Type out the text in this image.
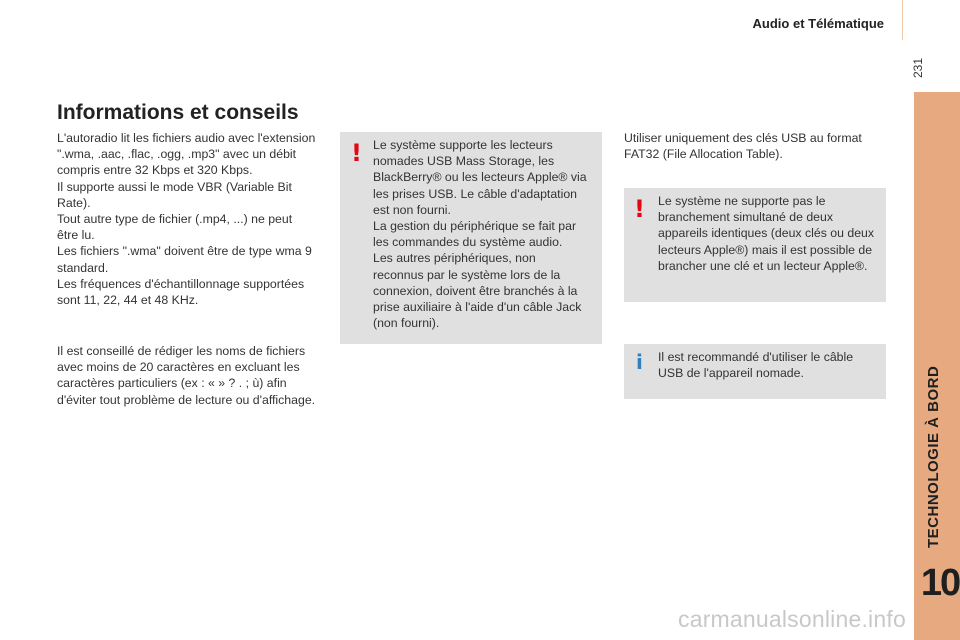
Audio et Télématique
231
TECHNOLOGIE À BORD
10
Informations et conseils

L'autoradio lit les fichiers audio avec l'extension
".wma, .aac, .flac, .ogg, .mp3" avec un débit
compris entre 32 Kbps et 320 Kbps.
Il supporte aussi le mode VBR (Variable Bit
Rate).
Tout autre type de fichier (.mp4, ...) ne peut
être lu.
Les fichiers ".wma" doivent être de type wma 9
standard.
Les fréquences d'échantillonnage supportées
sont 11, 22, 44 et 48 KHz.

Il est conseillé de rédiger les noms de fichiers
avec moins de 20 caractères en excluant les
caractères particuliers (ex : « » ? . ; ù) afin
d'éviter tout problème de lecture ou d'affichage.

! Le système supporte les lecteurs
nomades USB Mass Storage, les
BlackBerry® ou les lecteurs Apple® via
les prises USB. Le câble d'adaptation
est non fourni.
La gestion du périphérique se fait par
les commandes du système audio.
Les autres périphériques, non
reconnus par le système lors de la
connexion, doivent être branchés à la
prise auxiliaire à l'aide d'un câble Jack
(non fourni).

Utiliser uniquement des clés USB au format
FAT32 (File Allocation Table).

! Le système ne supporte pas le
branchement simultané de deux
appareils identiques (deux clés ou deux
lecteurs Apple®) mais il est possible de
brancher une clé et un lecteur Apple®.

i Il est recommandé d'utiliser le câble
USB de l'appareil nomade.

carmanualsonline.info
